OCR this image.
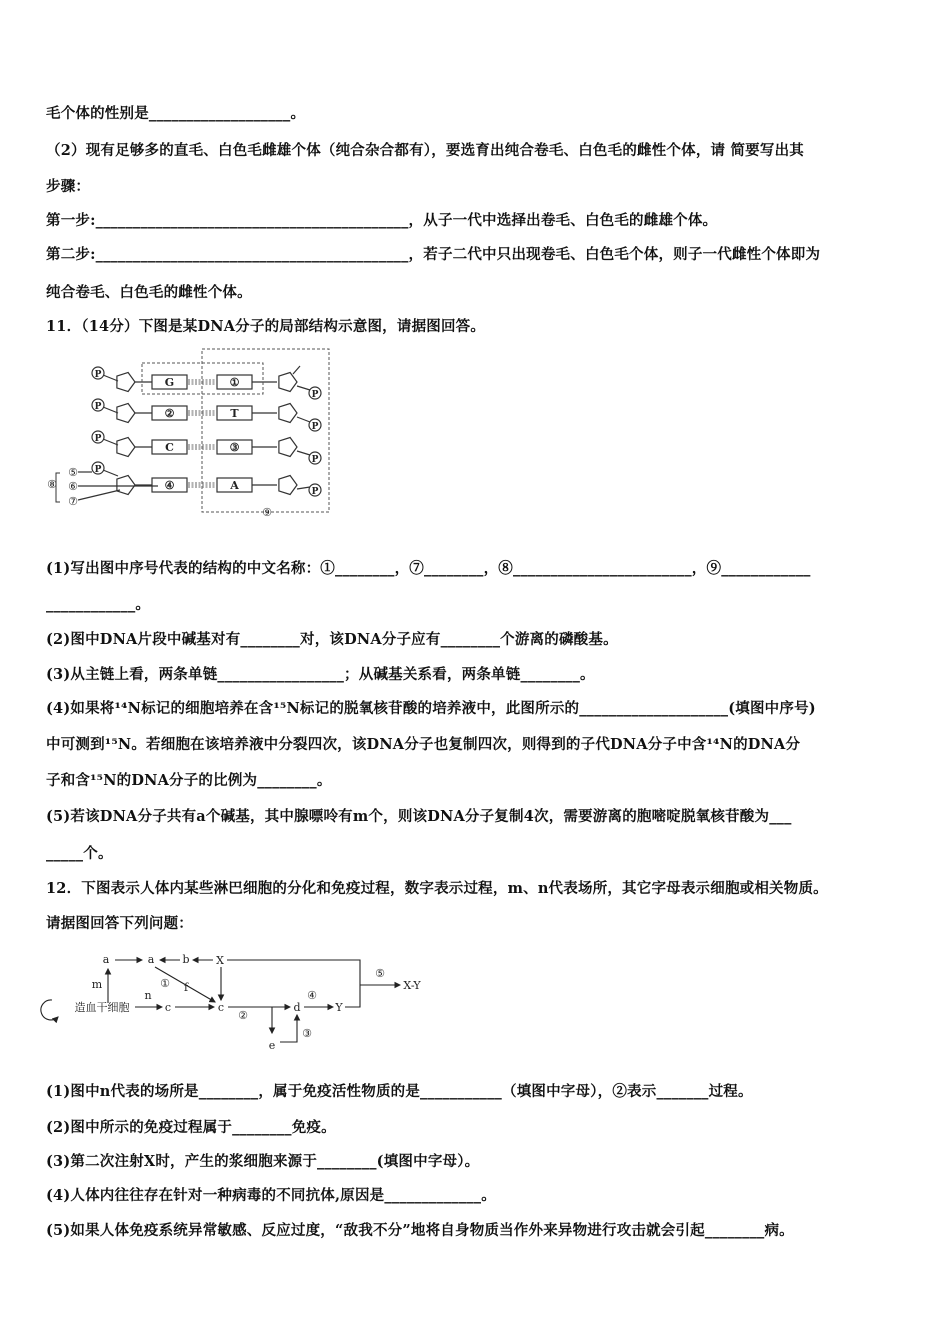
毛个体的性别是___________________。
（2）现有足够多的直毛、白色毛雌雄个体（纯合杂合都有），要选育出纯合卷毛、白色毛的雌性个体，请 简要写出其
步骤：
第一步:__________________________________________，从子一代中选择出卷毛、白色毛的雌雄个体。
第二步:__________________________________________，若子二代中只出现卷毛、白色毛个体，则子一代雌性个体即为
纯合卷毛、白色毛的雌性个体。
11．（14分）下图是某DNA分子的局部结构示意图，请据图回答。
(1)写出图中序号代表的结构的中文名称：①________，⑦________，⑧________________________，⑨____________
____________。
(2)图中DNA片段中碱基对有________对，该DNA分子应有________个游离的磷酸基。
(3)从主链上看，两条单链_________________；从碱基关系看，两条单链________。
(4)如果将¹⁴N标记的细胞培养在含¹⁵N标记的脱氧核苷酸的培养液中，此图所示的____________________(填图中序号)
中可测到¹⁵N。若细胞在该培养液中分裂四次，该DNA分子也复制四次，则得到的子代DNA分子中含¹⁴N的DNA分
子和含¹⁵N的DNA分子的比例为________。
(5)若该DNA分子共有a个碱基，其中腺嘌呤有m个，则该DNA分子复制4次，需要游离的胞嘧啶脱氧核苷酸为___
_____个。
12．下图表示人体内某些淋巴细胞的分化和免疫过程，数字表示过程，m、n代表场所，其它字母表示细胞或相关物质。
请据图回答下列问题：
(1)图中n代表的场所是________，属于免疫活性物质的是___________（填图中字母），②表示_______过程。
(2)图中所示的免疫过程属于________免疫。
(3)第二次注射X时，产生的浆细胞来源于________(填图中字母）。
(4)人体内往往存在针对一种病毒的不同抗体,原因是_____________。
(5)如果人体免疫系统异常敏感、反应过度，“敌我不分”地将自身物质当作外来异物进行攻击就会引起________病。
G	①
P
P
②	T
P
P
C	③
P
P
④	A
P
P
⑤
⑥
⑦
⑧
⑨
a	a	b X
m	① f
n
造血干细胞	c	c
②
d
④
Y
⑤
X-Y
e
③
